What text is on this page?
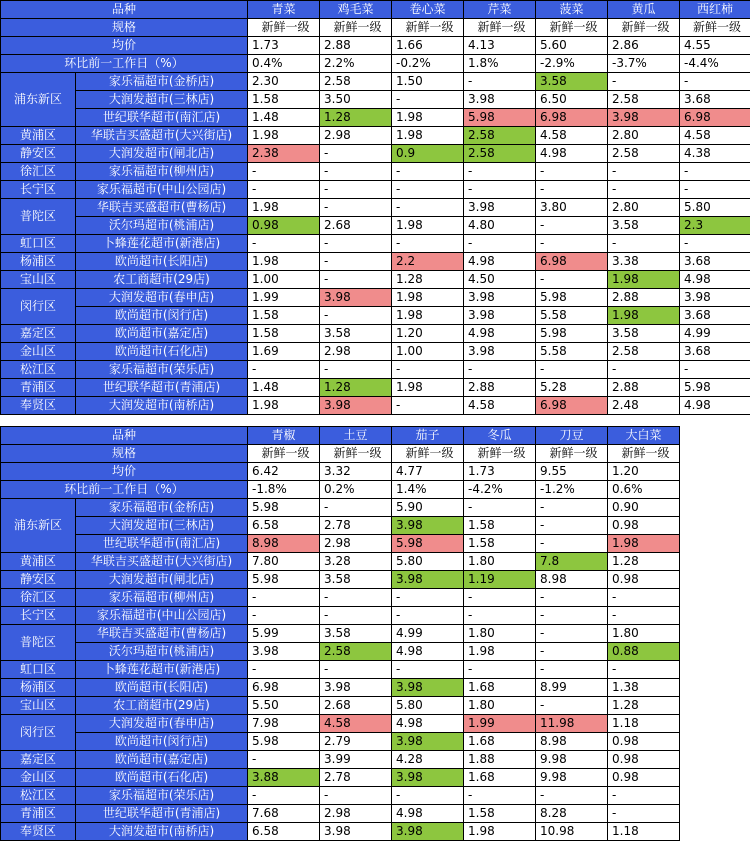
品种		青菜	鸡毛菜	卷心菜	芹菜	菠菜	黄瓜	西红柿
规格		新鲜一级	新鲜一级	新鲜一级	新鲜一级	新鲜一级	新鲜一级	新鲜一级
均价		1.73	2.88	1.66	4.13	5.60	2.86	4.55
环比前一工作日（%）		0.4%	2.2%	-0.2%	1.8%	-2.9%	-3.7%	-4.4%
浦东新区	家乐福超市(金桥店)	2.30	2.58	1.50	-	3.58	-	-
	大润发超市(三林店)	1.58	3.50	-	3.98	6.50	2.58	3.68
	世纪联华超市(南汇店)	1.48	1.28	1.98	5.98	6.98	3.98	6.98
黄浦区	华联吉买盛超市(大兴街店)	1.98	2.98	1.98	2.58	4.58	2.80	4.58
静安区	大润发超市(闸北店)	2.38	-	0.9	2.58	4.98	2.58	4.38
徐汇区	家乐福超市(柳州店)	-	-	-	-	-	-	-
长宁区	家乐福超市(中山公园店)	-	-	-	-	-	-	-
普陀区	华联吉买盛超市(曹杨店)	1.98	-	-	3.98	3.80	2.80	5.80
	沃尔玛超市(桃浦店)	0.98	2.68	1.98	4.80	-	3.58	2.3
虹口区	卜蜂莲花超市(新港店)	-	-	-	-	-	-	-
杨浦区	欧尚超市(长阳店)	1.98	-	2.2	4.98	6.98	3.38	3.68
宝山区	农工商超市(29店)	1.00	-	1.28	4.50	-	1.98	4.98
闵行区	大润发超市(春申店)	1.99	3.98	1.98	3.98	5.98	2.88	3.98
	欧尚超市(闵行店)	1.58	-	1.98	3.98	5.58	1.98	3.68
嘉定区	欧尚超市(嘉定店)	1.58	3.58	1.20	4.98	5.98	3.58	4.99
金山区	欧尚超市(石化店)	1.69	2.98	1.00	3.98	5.58	2.58	3.68
松江区	家乐福超市(荣乐店)	-	-	-	-	-	-	-
青浦区	世纪联华超市(青浦店)	1.48	1.28	1.98	2.88	5.28	2.88	5.98
奉贤区	大润发超市(南桥店)	1.98	3.98	-	4.58	6.98	2.48	4.98
品种		青椒	土豆	茄子	冬瓜	刀豆	大白菜
规格		新鲜一级	新鲜一级	新鲜一级	新鲜一级	新鲜一级	新鲜一级
均价		6.42	3.32	4.77	1.73	9.55	1.20
环比前一工作日（%）		-1.8%	0.2%	1.4%	-4.2%	-1.2%	0.6%
浦东新区	家乐福超市(金桥店)	5.98	-	5.90	-	-	0.90
	大润发超市(三林店)	6.58	2.78	3.98	1.58	-	0.98
	世纪联华超市(南汇店)	8.98	2.98	5.98	1.58	-	1.98
黄浦区	华联吉买盛超市(大兴街店)	7.80	3.28	5.80	1.80	7.8	1.28
静安区	大润发超市(闸北店)	5.98	3.58	3.98	1.19	8.98	0.98
徐汇区	家乐福超市(柳州店)	-	-	-	-	-	-
长宁区	家乐福超市(中山公园店)	-	-	-	-	-	-
普陀区	华联吉买盛超市(曹杨店)	5.99	3.58	4.99	1.80	-	1.80
	沃尔玛超市(桃浦店)	3.98	2.58	4.98	1.98	-	0.88
虹口区	卜蜂莲花超市(新港店)	-	-	-	-	-	-
杨浦区	欧尚超市(长阳店)	6.98	3.98	3.98	1.68	8.99	1.38
宝山区	农工商超市(29店)	5.50	2.68	5.80	1.80	-	1.28
闵行区	大润发超市(春申店)	7.98	4.58	4.98	1.99	11.98	1.18
	欧尚超市(闵行店)	5.98	2.79	3.98	1.68	8.98	0.98
嘉定区	欧尚超市(嘉定店)	-	3.99	4.28	1.88	9.98	0.98
金山区	欧尚超市(石化店)	3.88	2.78	3.98	1.68	9.98	0.98
松江区	家乐福超市(荣乐店)	-	-	-	-	-	-
青浦区	世纪联华超市(青浦店)	7.68	2.98	4.98	1.58	8.28	-
奉贤区	大润发超市(南桥店)	6.58	3.98	3.98	1.98	10.98	1.18
